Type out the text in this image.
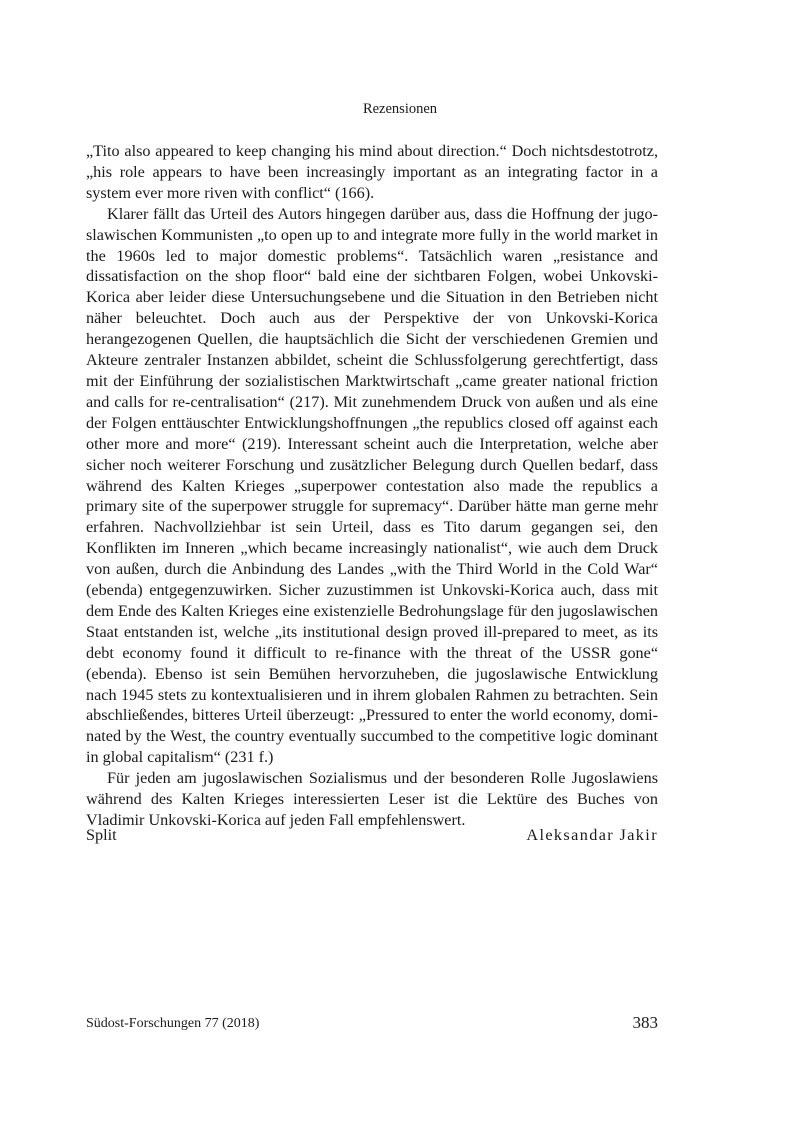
Rezensionen

„Tito also appeared to keep changing his mind about direction.“ Doch nichtsdestotrotz, „his role appears to have been increasingly important as an integrating factor in a system ever more riven with conflict“ (166).

Klarer fällt das Urteil des Autors hingegen darüber aus, dass die Hoffnung der jugoslawischen Kommunisten „to open up to and integrate more fully in the world market in the 1960s led to major domestic problems“. Tatsächlich waren „resistance and dissatisfaction on the shop floor“ bald eine der sichtbaren Folgen, wobei Unkovski-Korica aber leider diese Untersuchungsebene und die Situation in den Betrieben nicht näher beleuchtet. Doch auch aus der Perspektive der von Unkovski-Korica herangezogenen Quellen, die hauptsächlich die Sicht der verschiedenen Gremien und Akteure zentraler Instanzen abbildet, scheint die Schlussfolgerung gerechtfertigt, dass mit der Einführung der sozialistischen Marktwirtschaft „came greater national friction and calls for re-centralisation“ (217). Mit zunehmendem Druck von außen und als eine der Folgen enttäuschter Entwicklungshoffnungen „the republics closed off against each other more and more“ (219). Interessant scheint auch die Interpretation, welche aber sicher noch weiterer Forschung und zusätzlicher Belegung durch Quellen bedarf, dass während des Kalten Krieges „superpower contestation also made the republics a primary site of the superpower struggle for supremacy“. Darüber hätte man gerne mehr erfahren. Nachvollziehbar ist sein Urteil, dass es Tito darum gegangen sei, den Konflikten im Inneren „which became increasingly nationalist“, wie auch dem Druck von außen, durch die Anbindung des Landes „with the Third World in the Cold War“ (ebenda) entgegenzuwirken. Sicher zuzustimmen ist Unkovski-Korica auch, dass mit dem Ende des Kalten Krieges eine existenzielle Bedrohungslage für den jugoslawischen Staat entstanden ist, welche „its institutional design proved ill-prepared to meet, as its debt economy found it difficult to re-finance with the threat of the USSR gone“ (ebenda). Ebenso ist sein Bemühen hervorzuheben, die jugoslawische Entwicklung nach 1945 stets zu kontextualisieren und in ihrem globalen Rahmen zu betrachten. Sein abschließendes, bitteres Urteil überzeugt: „Pressured to enter the world economy, dominated by the West, the country eventually succumbed to the competitive logic dominant in global capitalism“ (231 f.)

Für jeden am jugoslawischen Sozialismus und der besonderen Rolle Jugoslawiens während des Kalten Krieges interessierten Leser ist die Lektüre des Buches von Vladimir Unkovski-Korica auf jeden Fall empfehlenswert.

Split	Aleksandar Jakir
Südost-Forschungen 77 (2018)	383
